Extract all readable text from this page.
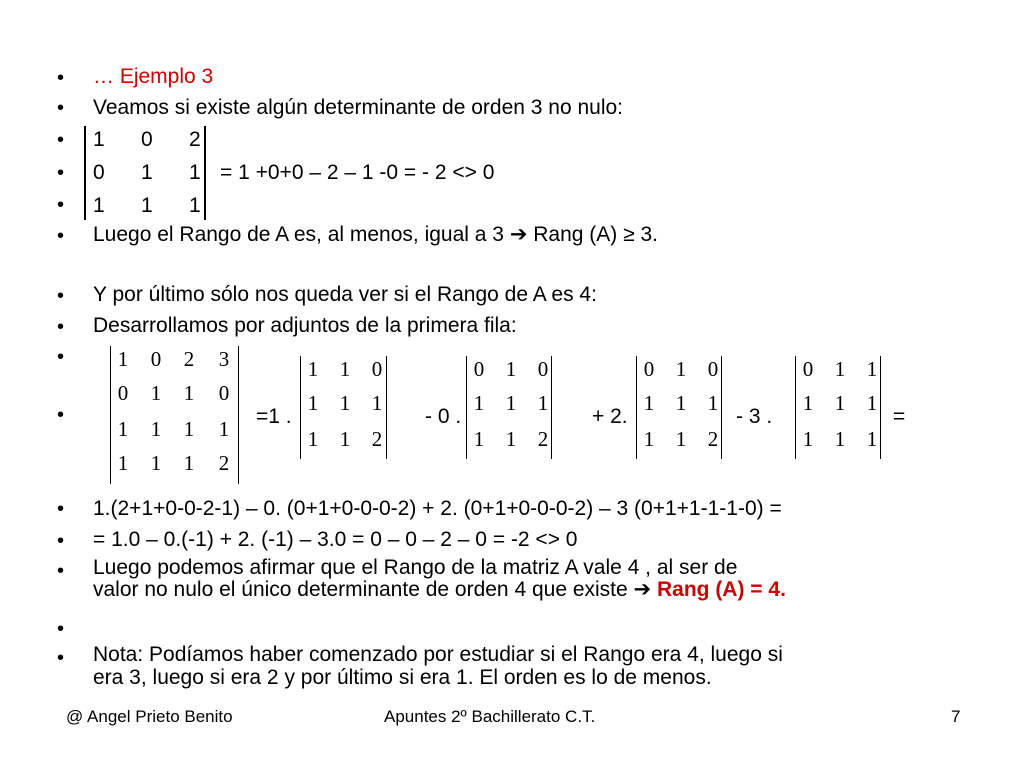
•
•
•
•
•
•
•
•
•
•
•
•
•
•
•
… Ejemplo 3
Veamos si existe algún determinante de orden 3 no nulo:
1 0 2
0 1 1
1 1 1
= 1 +0+0 – 2 – 1 -0 = - 2 <> 0
Luego el Rango de A es, al menos, igual a 3 ➔ Rang (A) ≥ 3.
Y por último sólo nos queda ver si el Rango de A es 4:
Desarrollamos por adjuntos de la primera fila:
1 0 2 3
0 1 1 0
1 1 1 1
1 1 1 2
=1 .
1 1 0
1 1 1
1 1 2
- 0 .
0 1 0
1 1 1
1 1 2
+ 2.
0 1 0
1 1 1
1 1 2
- 3 .
0 1 1
1 1 1
1 1 1
=
1.(2+1+0-0-2-1) – 0. (0+1+0-0-0-2) + 2. (0+1+0-0-0-2) – 3 (0+1+1-1-1-0) =
= 1.0 – 0.(-1) + 2. (-1) – 3.0 = 0 – 0 – 2 – 0 = -2 <> 0
Luego podemos afirmar que el Rango de la matriz A vale 4 , al ser de
valor no nulo el único determinante de orden 4 que existe ➔ Rang (A) = 4.
Nota: Podíamos haber comenzado por estudiar si el Rango era 4, luego si
era 3, luego si era 2 y por último si era 1. El orden es lo de menos.
@ Angel Prieto Benito	Apuntes 2º Bachillerato C.T.	7
